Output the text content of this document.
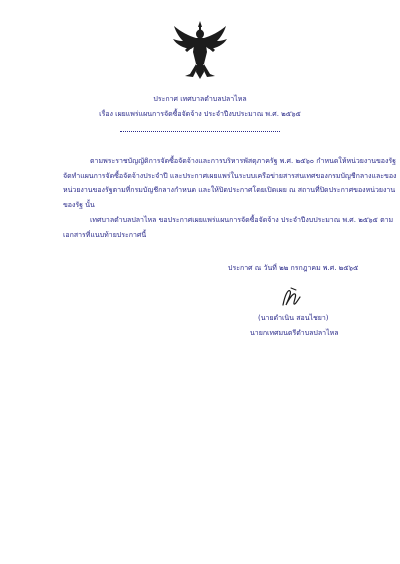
ประกาศ เทศบาลตำบลปลาไหล
เรื่อง เผยแพร่แผนการจัดซื้อจัดจ้าง ประจำปีงบประมาณ พ.ศ. ๒๕๖๕
ตามพระราชบัญญัติการจัดซื้อจัดจ้างและการบริหารพัสดุภาครัฐ พ.ศ. ๒๕๖๐ กำหนดให้หน่วยงานของรัฐ
จัดทำแผนการจัดซื้อจัดจ้างประจำปี และประกาศเผยแพร่ในระบบเครือข่ายสารสนเทศของกรมบัญชีกลางและของ
หน่วยงานของรัฐตามที่กรมบัญชีกลางกำหนด และให้ปิดประกาศโดยเปิดเผย ณ สถานที่ปิดประกาศของหน่วยงาน
ของรัฐ นั้น
เทศบาลตำบลปลาไหล ขอประกาศเผยแพร่แผนการจัดซื้อจัดจ้าง ประจำปีงบประมาณ พ.ศ. ๒๕๖๕ ตาม
เอกสารที่แนบท้ายประกาศนี้
ประกาศ ณ วันที่ ๒๒ กรกฎาคม พ.ศ. ๒๕๖๕
(นายดำเนิน สอนไชยา)
นายกเทศมนตรีตำบลปลาไหล
